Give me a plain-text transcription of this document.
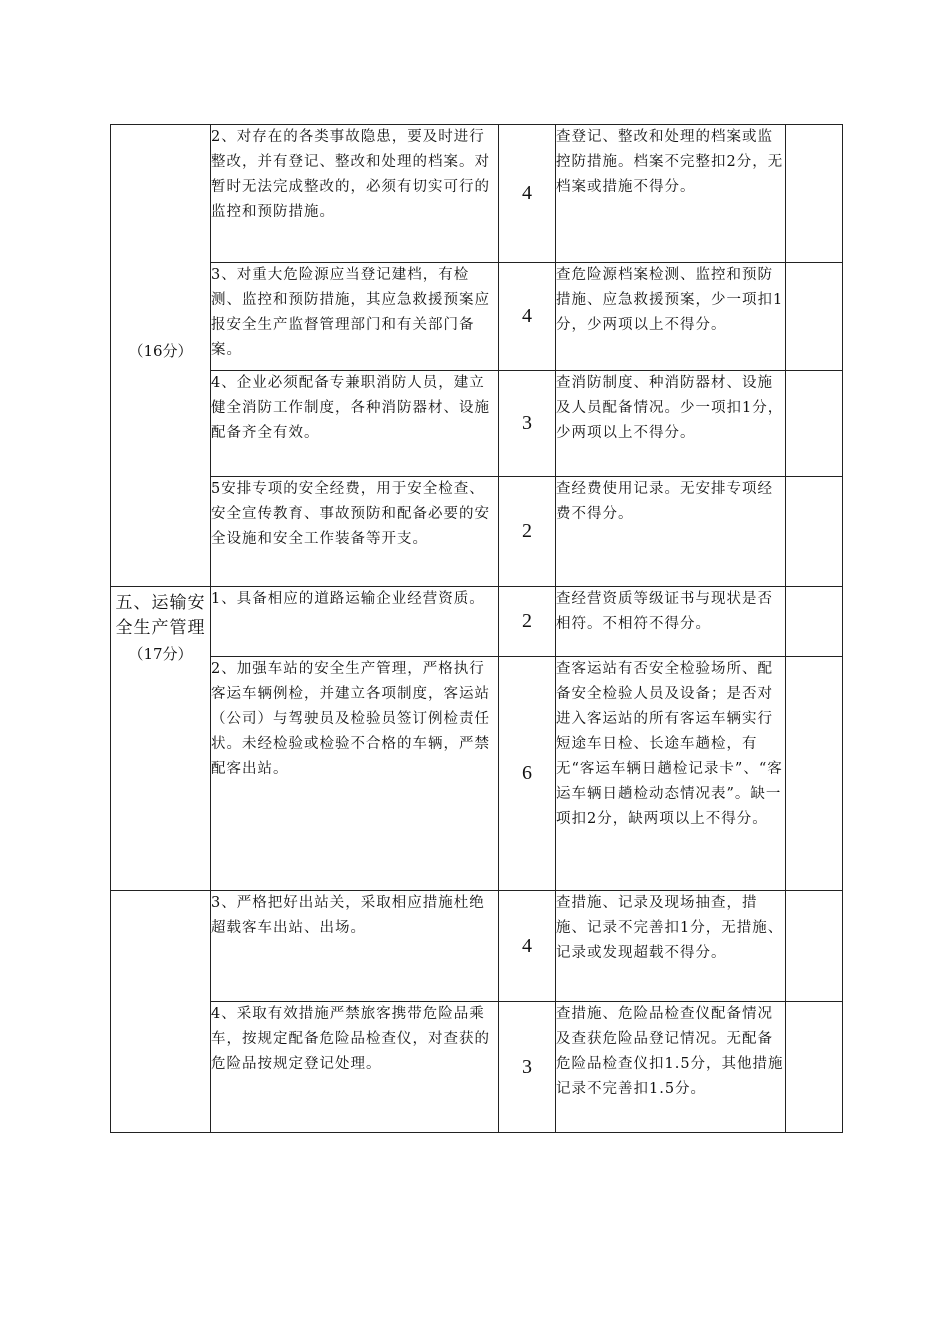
（16分）	2、对存在的各类事故隐患，要及时进行整改，并有登记、整改和处理的档案。对暂时无法完成整改的，必须有切实可行的监控和预防措施。	4	查登记、整改和处理的档案或监控防措施。档案不完整扣2分，无档案或措施不得分。	
	3、对重大危险源应当登记建档，有检测、监控和预防措施，其应急救援预案应报安全生产监督管理部门和有关部门备案。	4	查危险源档案检测、监控和预防措施、应急救援预案，少一项扣1分，少两项以上不得分。	
	4、企业必须配备专兼职消防人员，建立健全消防工作制度，各种消防器材、设施配备齐全有效。	3	查消防制度、种消防器材、设施及人员配备情况。少一项扣1分，少两项以上不得分。	
	5安排专项的安全经费，用于安全检查、安全宣传教育、事故预防和配备必要的安全设施和安全工作装备等开支。	2	查经费使用记录。无安排专项经费不得分。	

五、运输安全生产管理
（17分）	1、具备相应的道路运输企业经营资质。	2	查经营资质等级证书与现状是否相符。不相符不得分。	
	2、加强车站的安全生产管理，严格执行客运车辆例检，并建立各项制度，客运站（公司）与驾驶员及检验员签订例检责任状。未经检验或检验不合格的车辆，严禁配客出站。	6	查客运站有否安全检验场所、配备安全检验人员及设备；是否对进入客运站的所有客运车辆实行短途车日检、长途车趟检，有无“客运车辆日趟检记录卡”、“客运车辆日趟检动态情况表”。缺一项扣2分，缺两项以上不得分。	
	3、严格把好出站关，采取相应措施杜绝超载客车出站、出场。	4	查措施、记录及现场抽查，措施、记录不完善扣1分，无措施、记录或发现超载不得分。	
	4、采取有效措施严禁旅客携带危险品乘车，按规定配备危险品检查仪，对查获的危险品按规定登记处理。	3	查措施、危险品检查仪配备情况及查获危险品登记情况。无配备危险品检查仪扣1.5分，其他措施记录不完善扣1.5分。	
